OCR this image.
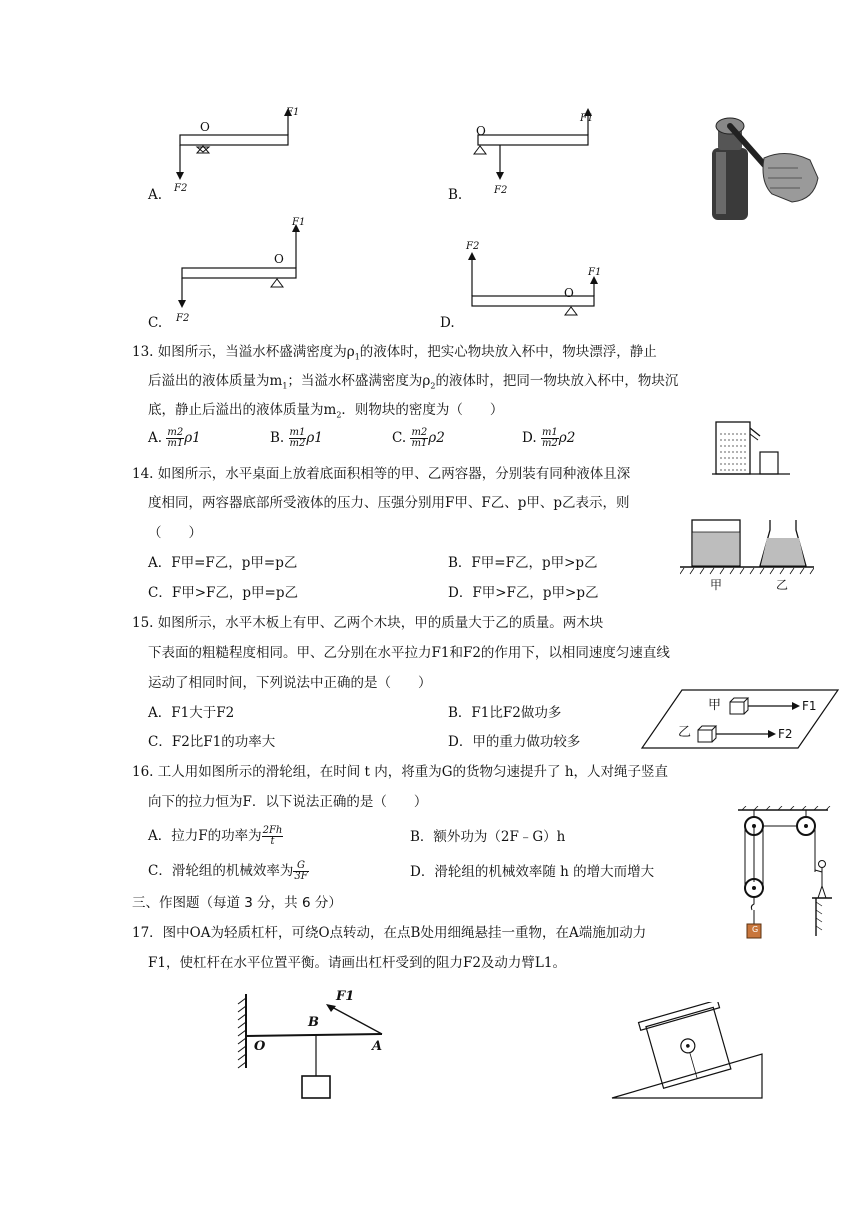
O
F1
F2
A.
O
F1
F2
B.
O
F1
F2
C.
O
F1
F2
D.
13. 如图所示，当溢水杯盛满密度为$\rho_1$的液体时，把实心物块放入杯中，物块漂浮，静止
后溢出的液体质量为$m_1$；当溢水杯盛满密度为$\rho_2$的液体时，把同一物块放入杯中，物块沉
底，静止后溢出的液体质量为$m_2$．则物块的密度为（　　）
A. $\frac{m2}{m1} \rho 1$	B. $\frac{m1}{m2} \rho 1$	C. $\frac{m2}{m1} \rho 2$	D. $\frac{m1}{m2} \rho 2$
14. 如图所示，水平桌面上放着底面积相等的甲、乙两容器，分别装有同种液体且深
度相同，两容器底部所受液体的压力、压强分别用F甲、F乙、p甲、p乙表示，则
（　　）
A．F甲=F乙，p甲=p乙	B．F甲=F乙，p甲>p乙
C．F甲>F乙，p甲=p乙	D．F甲>F乙，p甲>p乙	甲	乙
15. 如图所示，水平木板上有甲、乙两个木块，甲的质量大于乙的质量。两木块
下表面的粗糙程度相同。甲、乙分别在水平拉力F1和F2的作用下，以相同速度匀速直线
运动了相同时间，下列说法中正确的是（　　）
A．F1大于F2	B．F1比F2做功多
C．F2比F1的功率大	D．甲的重力做功较多
甲
乙
F1
F2
16. 工人用如图所示的滑轮组，在时间 t 内，将重为G的货物匀速提升了 h，人对绳子竖直
向下的拉力恒为F．以下说法正确的是（　　）
A．拉力F的功率为 $\frac{2Fh}{t}$	B．额外功为（2F﹣G）h
C．滑轮组的机械效率为 $\frac{G}{3F}$	D．滑轮组的机械效率随 h 的增大而增大
G
三、作图题（每道 3 分，共 6 分）
17．图中OA为轻质杠杆，可绕O点转动，在点B处用细绳悬挂一重物，在A端施加动力
F1，使杠杆在水平位置平衡。请画出杠杆受到的阻力F2及动力臂L1。
F1
O
B
A
